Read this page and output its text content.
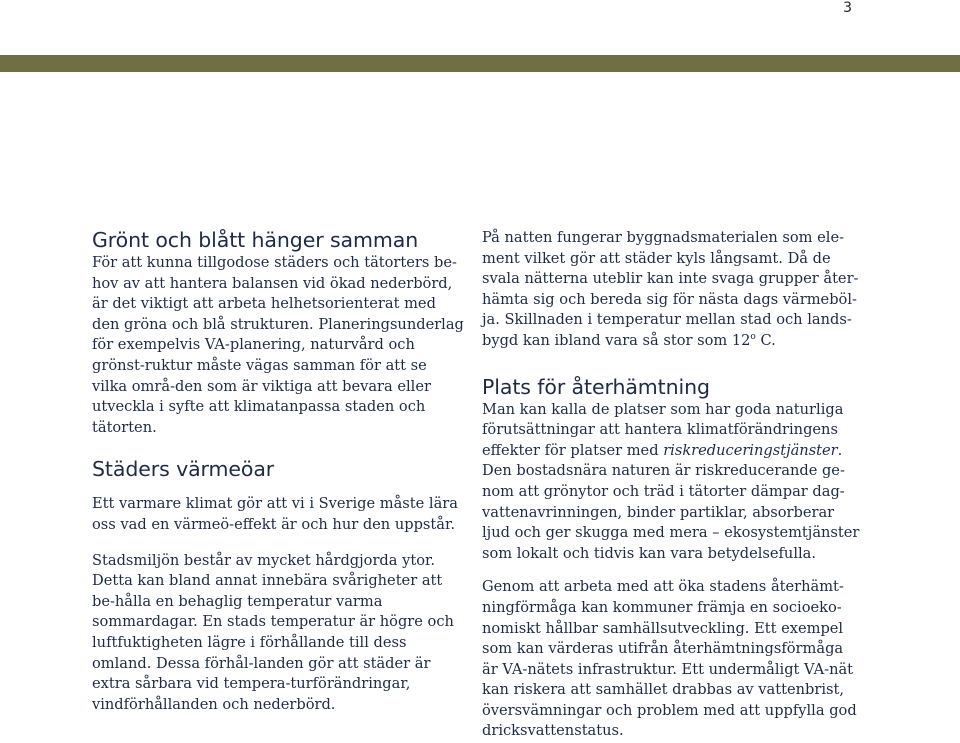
3
Grönt och blått hänger samman

För att kunna tillgodose städers och tätorters be-hov av att hantera balansen vid ökad nederbörd, är det viktigt att arbeta helhetsorienterat med den gröna och blå strukturen. Planeringsunderlag för exempelvis VA-planering, naturvård och grönst-ruktur måste vägas samman för att se vilka områ-den som är viktiga att bevara eller utveckla i syfte att klimatanpassa staden och tätorten.

Städers värmeöar

Ett varmare klimat gör att vi i Sverige måste lära oss vad en värmeö-effekt är och hur den uppstår.

Stadsmiljön består av mycket hårdgjorda ytor. Detta kan bland annat innebära svårigheter att be-hålla en behaglig temperatur varma sommardagar. En stads temperatur är högre och luftfuktigheten lägre i förhållande till dess omland. Dessa förhål-landen gör att städer är extra sårbara vid tempera-turförändringar, vindförhållanden och nederbörd.

På natten fungerar byggnadsmaterialen som ele-ment vilket gör att städer kyls långsamt. Då de svala nätterna uteblir kan inte svaga grupper åter-hämta sig och bereda sig för nästa dags värmeböl-ja. Skillnaden i temperatur mellan stad och lands-bygd kan ibland vara så stor som 12$^o$ C.

Plats för återhämtning

Man kan kalla de platser som har goda naturliga förutsättningar att hantera klimatförändringens effekter för platser med riskreduceringstjänster. Den bostadsnära naturen är riskreducerande ge-nom att grönytor och träd i tätorter dämpar dag-vattenavrinningen, binder partiklar, absorberar ljud och ger skugga med mera – ekosystemtjänster som lokalt och tidvis kan vara betydelsefulla.

Genom att arbeta med att öka stadens återhämt-ningförmåga kan kommuner främja en socioeko-nomiskt hållbar samhällsutveckling. Ett exempel som kan värderas utifrån återhämtningsförmåga är VA-nätets infrastruktur. Ett undermåligt VA-nät kan riskera att samhället drabbas av vattenbrist, översvämningar och problem med att uppfylla god dricksvattenstatus.
